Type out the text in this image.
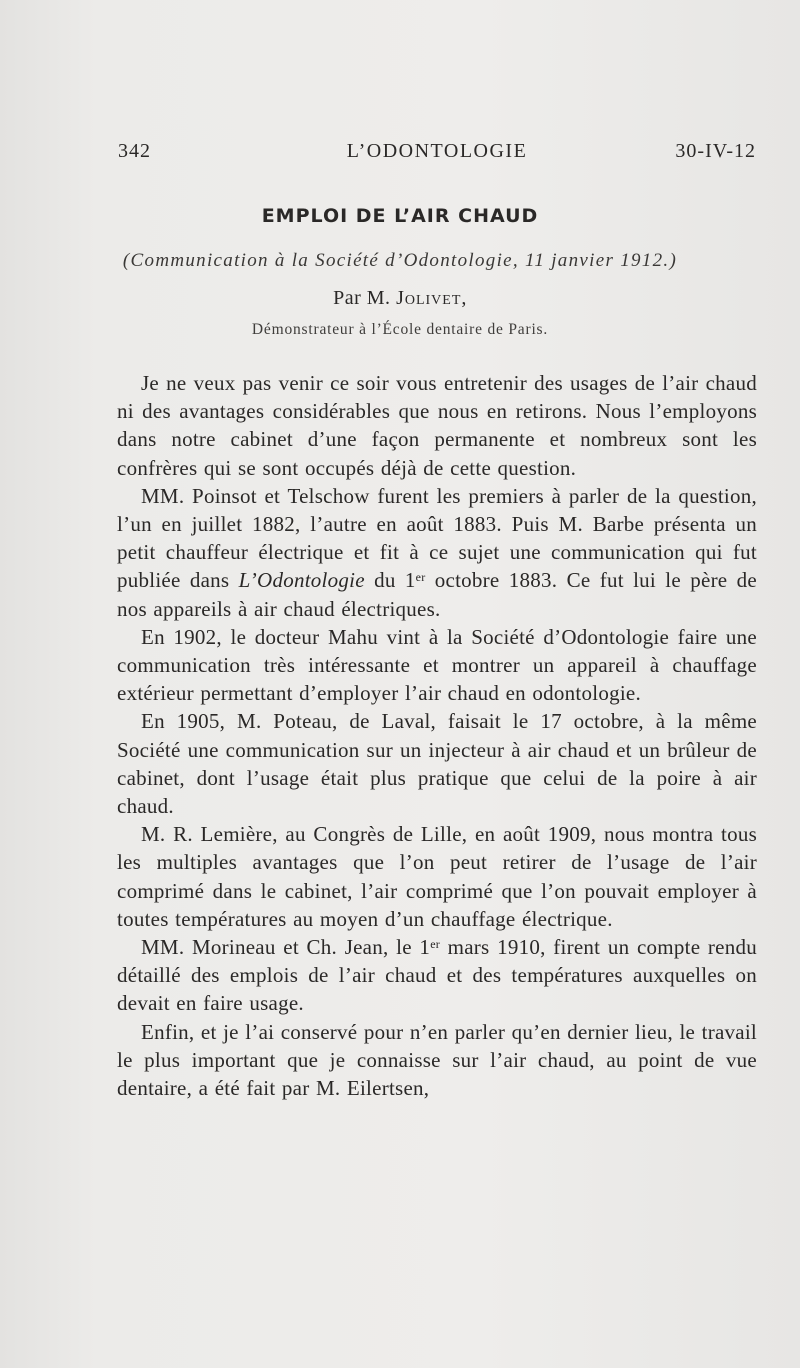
342	L’ODONTOLOGIE	30-IV-12
EMPLOI DE L’AIR CHAUD
(Communication à la Société d’Odontologie, 11 janvier 1912.)
Par M. Jolivet,
Démonstrateur à l’École dentaire de Paris.

Je ne veux pas venir ce soir vous entretenir des usages de l’air chaud ni des avantages considérables que nous en retirons. Nous l’employons dans notre cabinet d’une façon permanente et nombreux sont les confrères qui se sont occupés déjà de cette question.

MM. Poinsot et Telschow furent les premiers à parler de la question, l’un en juillet 1882, l’autre en août 1883. Puis M. Barbe présenta un petit chauffeur électrique et fit à ce sujet une communication qui fut publiée dans L’Odontologie du 1er octobre 1883. Ce fut lui le père de nos appareils à air chaud électriques.

En 1902, le docteur Mahu vint à la Société d’Odontologie faire une communication très intéressante et montrer un appareil à chauffage extérieur permettant d’employer l’air chaud en odontologie.

En 1905, M. Poteau, de Laval, faisait le 17 octobre, à la même Société une communication sur un injecteur à air chaud et un brûleur de cabinet, dont l’usage était plus pratique que celui de la poire à air chaud.

M. R. Lemière, au Congrès de Lille, en août 1909, nous montra tous les multiples avantages que l’on peut retirer de l’usage de l’air comprimé dans le cabinet, l’air comprimé que l’on pouvait employer à toutes températures au moyen d’un chauffage électrique.

MM. Morineau et Ch. Jean, le 1er mars 1910, firent un compte rendu détaillé des emplois de l’air chaud et des températures auxquelles on devait en faire usage.

Enfin, et je l’ai conservé pour n’en parler qu’en dernier lieu, le travail le plus important que je connaisse sur l’air chaud, au point de vue dentaire, a été fait par M. Eilertsen,
